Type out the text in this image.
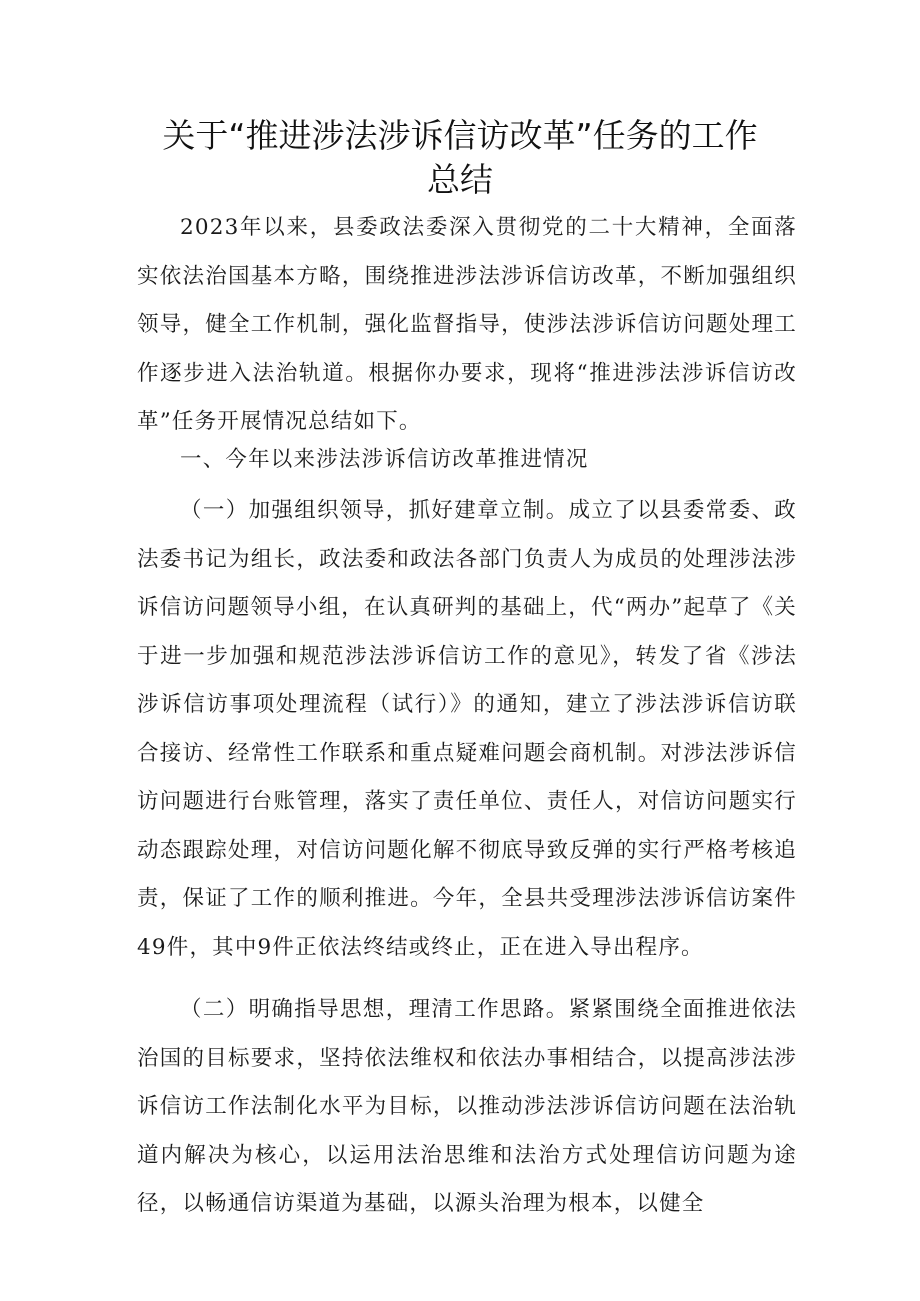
关于“推进涉法涉诉信访改革”任务的工作
总结

2023年以来，县委政法委深入贯彻党的二十大精神，全面落实依法治国基本方略，围绕推进涉法涉诉信访改革，不断加强组织领导，健全工作机制，强化监督指导，使涉法涉诉信访问题处理工作逐步进入法治轨道。根据你办要求，现将“推进涉法涉诉信访改革”任务开展情况总结如下。

一、今年以来涉法涉诉信访改革推进情况

（一）加强组织领导，抓好建章立制。成立了以县委常委、政法委书记为组长，政法委和政法各部门负责人为成员的处理涉法涉诉信访问题领导小组，在认真研判的基础上，代“两办”起草了《关于进一步加强和规范涉法涉诉信访工作的意见》，转发了省《涉法涉诉信访事项处理流程（试行）》的通知，建立了涉法涉诉信访联合接访、经常性工作联系和重点疑难问题会商机制。对涉法涉诉信访问题进行台账管理，落实了责任单位、责任人，对信访问题实行动态跟踪处理，对信访问题化解不彻底导致反弹的实行严格考核追责，保证了工作的顺利推进。今年，全县共受理涉法涉诉信访案件49件，其中9件正依法终结或终止，正在进入导出程序。

（二）明确指导思想，理清工作思路。紧紧围绕全面推进依法治国的目标要求，坚持依法维权和依法办事相结合，以提高涉法涉诉信访工作法制化水平为目标，以推动涉法涉诉信访问题在法治轨道内解决为核心，以运用法治思维和法治方式处理信访问题为途径，以畅通信访渠道为基础，以源头治理为根本，以健全
